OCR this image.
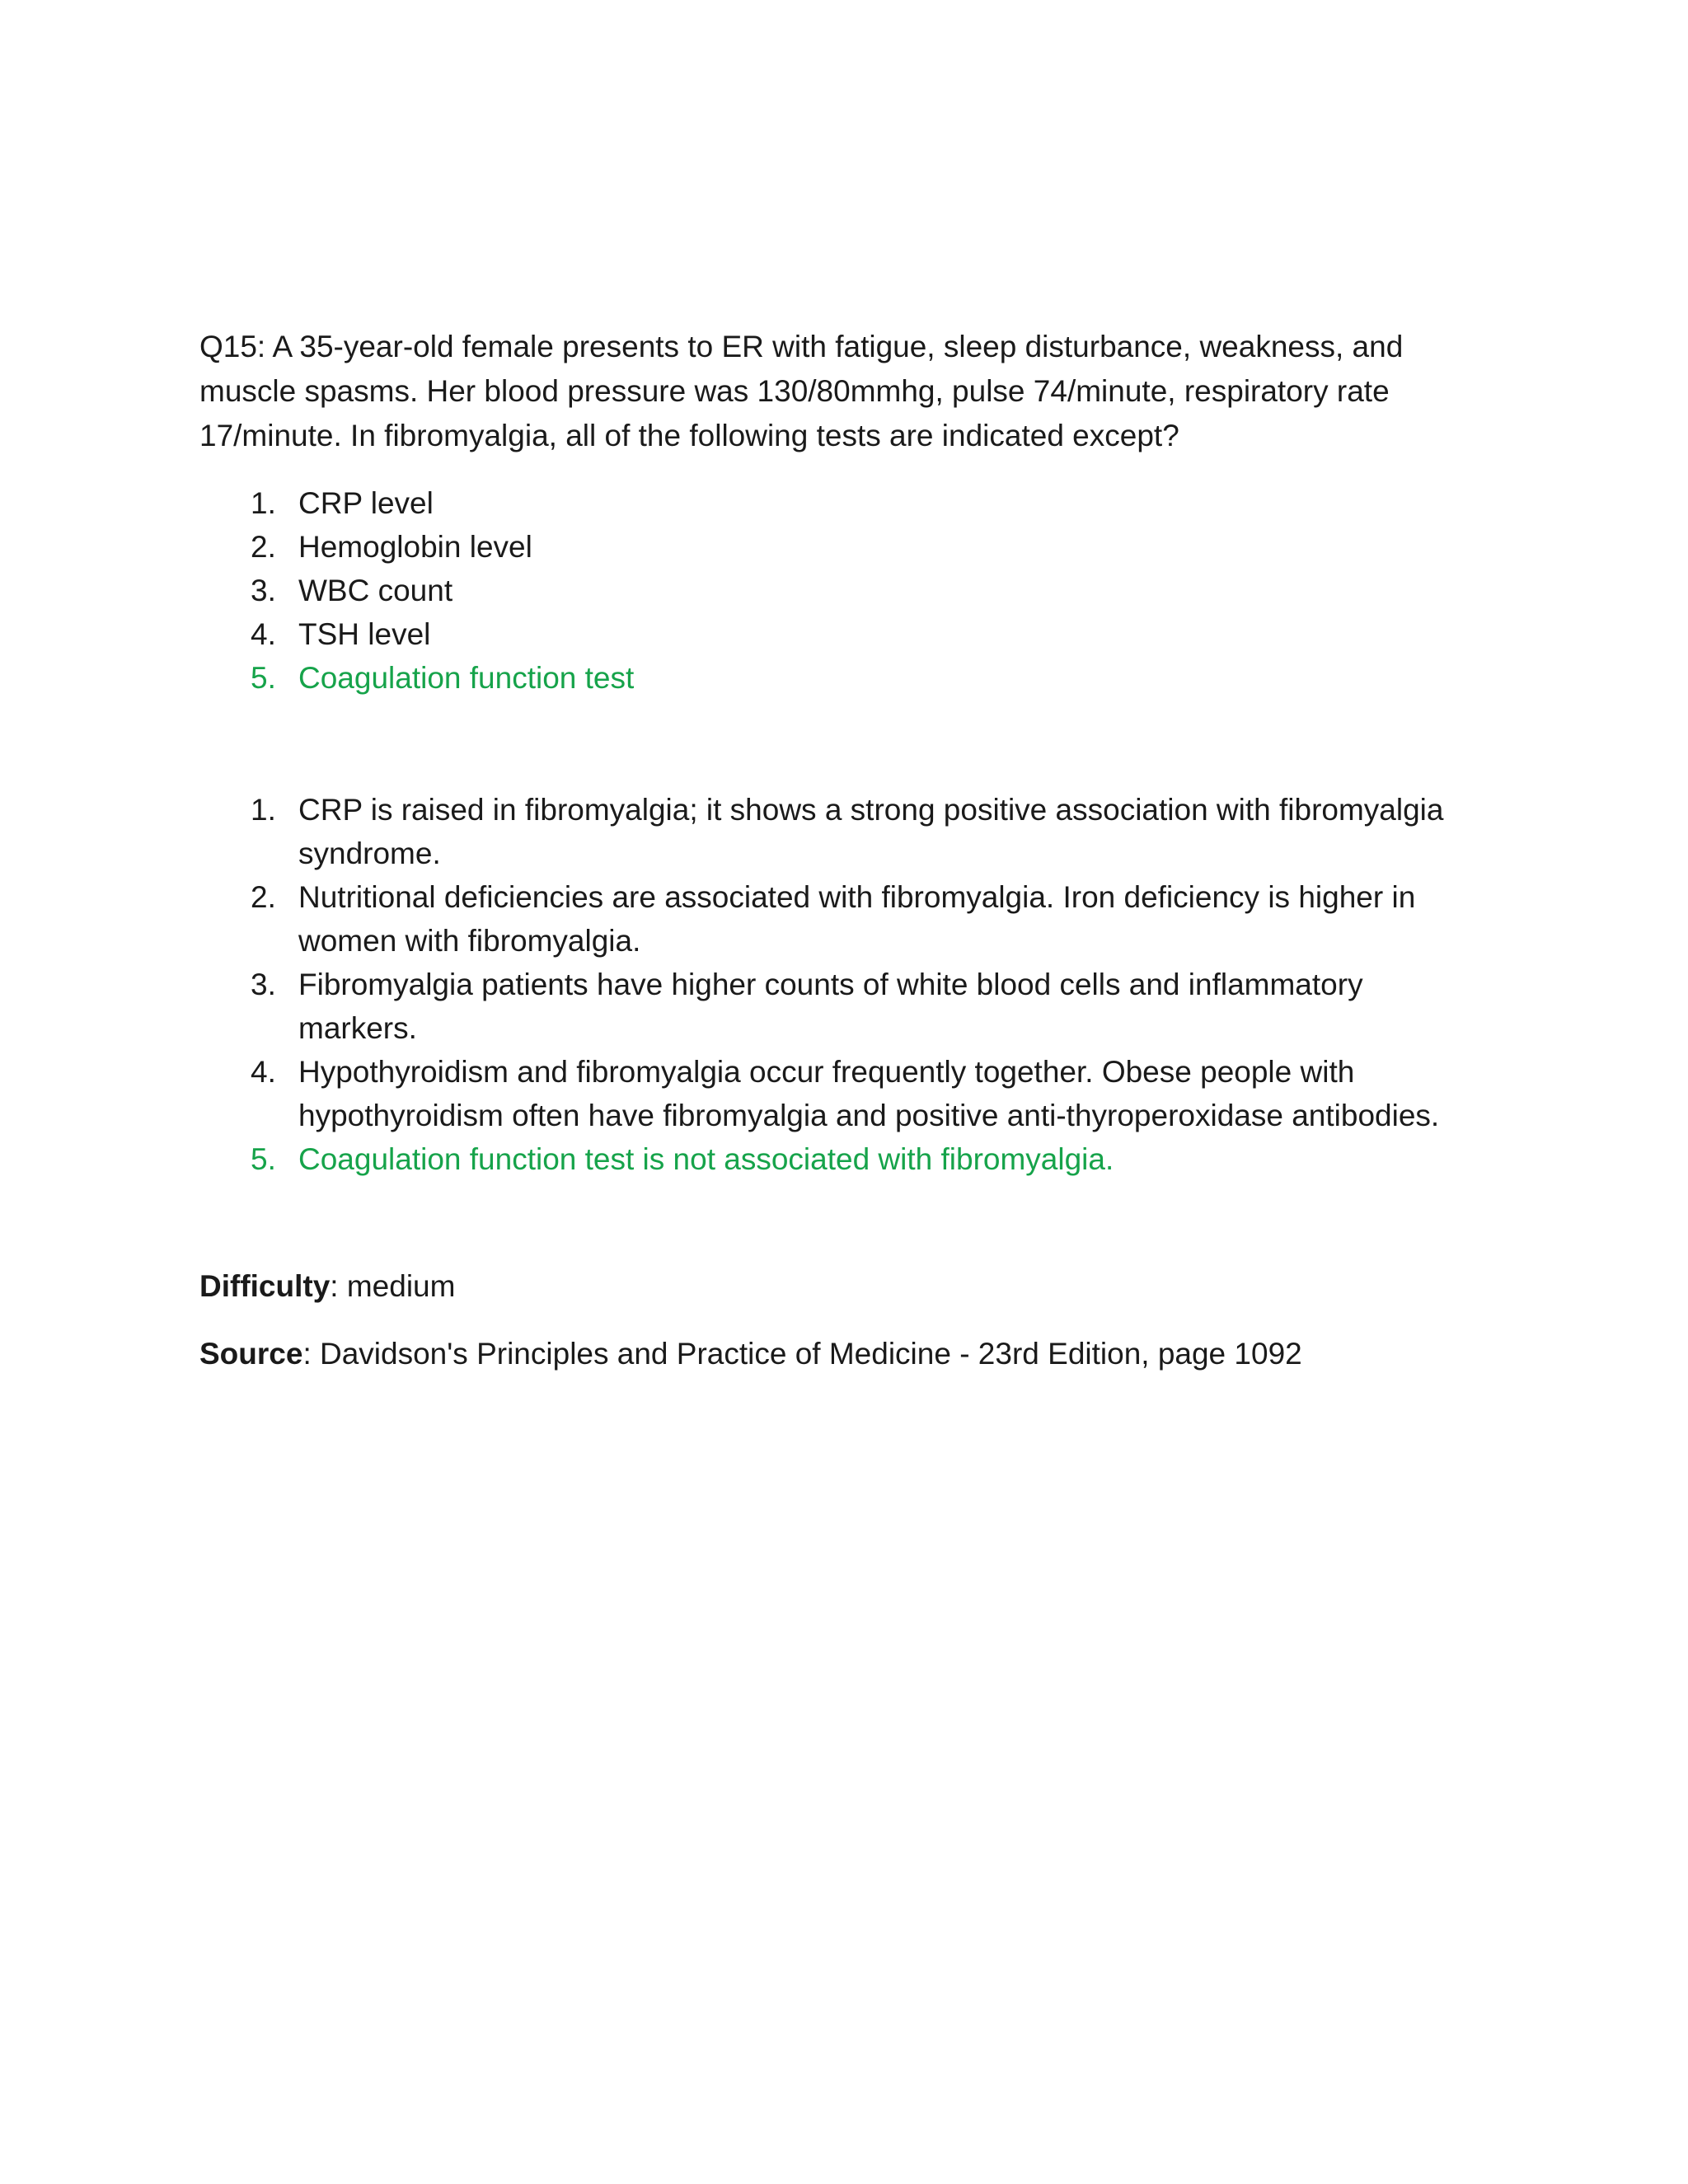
Q15: A 35-year-old female presents to ER with fatigue, sleep disturbance, weakness, and muscle spasms. Her blood pressure was 130/80mmhg, pulse 74/minute, respiratory rate 17/minute. In fibromyalgia, all of the following tests are indicated except?

1. CRP level
2. Hemoglobin level
3. WBC count
4. TSH level
5. Coagulation function test
1. CRP is raised in fibromyalgia; it shows a strong positive association with fibromyalgia syndrome.
2. Nutritional deficiencies are associated with fibromyalgia. Iron deficiency is higher in women with fibromyalgia.
3. Fibromyalgia patients have higher counts of white blood cells and inflammatory markers.
4. Hypothyroidism and fibromyalgia occur frequently together. Obese people with hypothyroidism often have fibromyalgia and positive anti-thyroperoxidase antibodies.
5. Coagulation function test is not associated with fibromyalgia.

Difficulty: medium

Source: Davidson's Principles and Practice of Medicine - 23rd Edition, page 1092
